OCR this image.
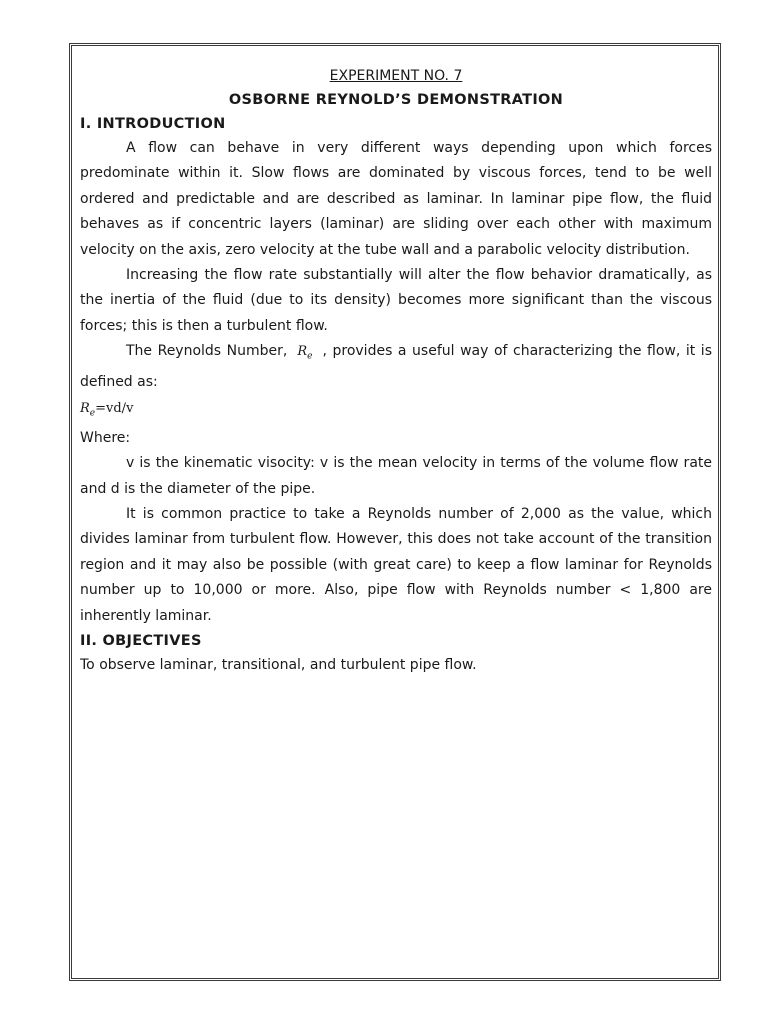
EXPERIMENT NO. 7
OSBORNE REYNOLD’S DEMONSTRATION
I. INTRODUCTION

A flow can behave in very different ways depending upon which forces predominate within it. Slow flows are dominated by viscous forces, tend to be well ordered and predictable and are described as laminar. In laminar pipe flow, the fluid behaves as if concentric layers (laminar) are sliding over each other with maximum velocity on the axis, zero velocity at the tube wall and a parabolic velocity distribution.

Increasing the flow rate substantially will alter the flow behavior dramatically, as the inertia of the fluid (due to its density) becomes more significant than the viscous forces; this is then a turbulent flow.

The Reynolds Number, $R_e$ , provides a useful way of characterizing the flow, it is defined as:

$R_e=vd/v$
Where:

v is the kinematic visocity: v is the mean velocity in terms of the volume flow rate and d is the diameter of the pipe.

It is common practice to take a Reynolds number of 2,000 as the value, which divides laminar from turbulent flow. However, this does not take account of the transition region and it may also be possible (with great care) to keep a flow laminar for Reynolds number up to 10,000 or more. Also, pipe flow with Reynolds number < 1,800 are inherently laminar.

II. OBJECTIVES

To observe laminar, transitional, and turbulent pipe flow.
